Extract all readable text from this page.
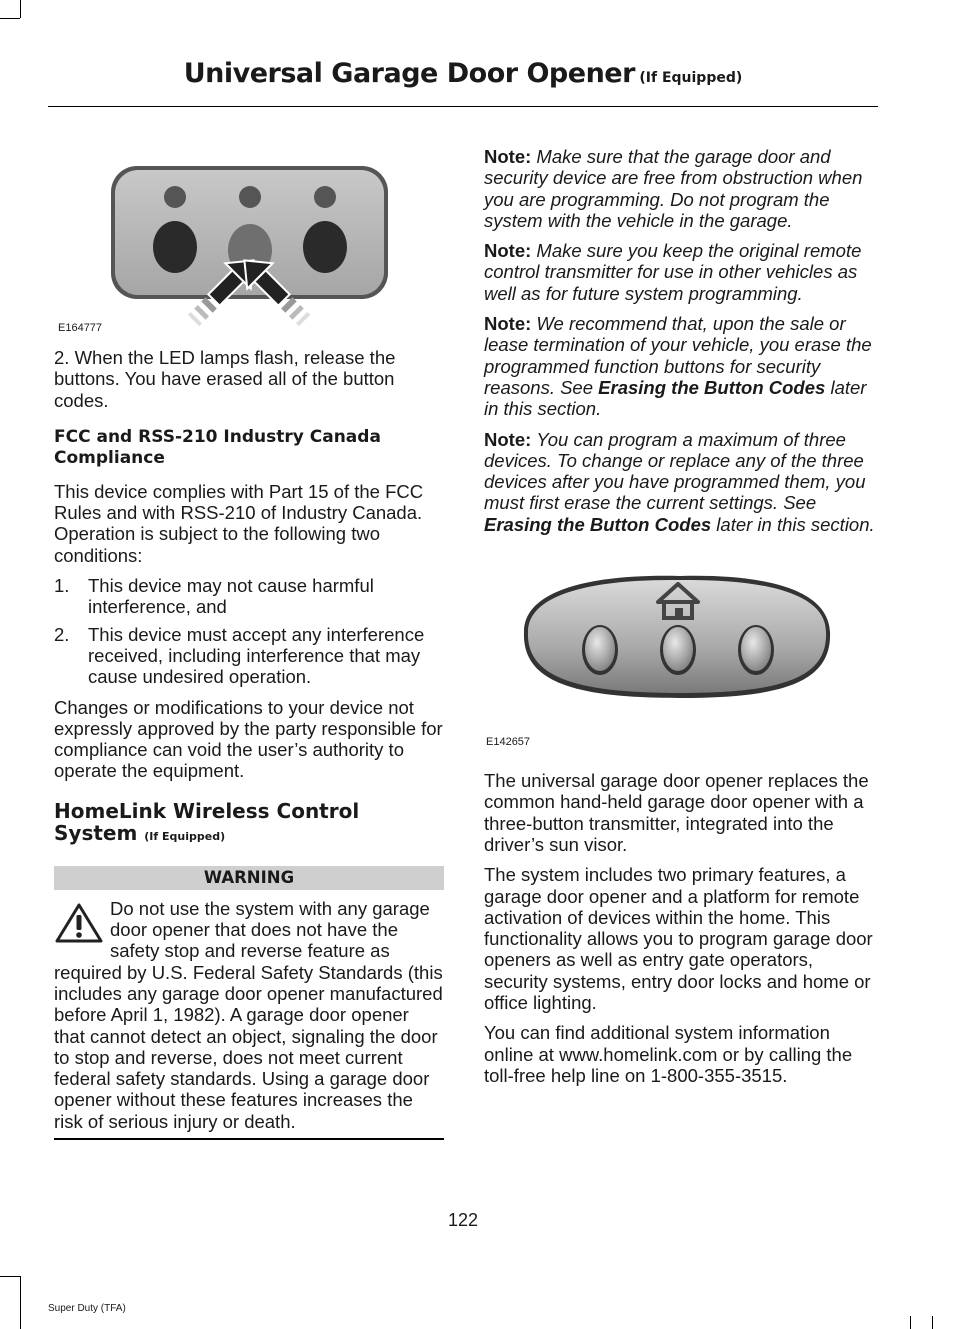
Universal Garage Door Opener (If Equipped)
E164777

2. When the LED lamps flash, release the buttons. You have erased all of the button codes.

FCC and RSS-210 Industry Canada Compliance

This device complies with Part 15 of the FCC Rules and with RSS-210 of Industry Canada. Operation is subject to the following two conditions:

1. This device may not cause harmful interference, and
2. This device must accept any interference received, including interference that may cause undesired operation.

Changes or modifications to your device not expressly approved by the party responsible for compliance can void the user’s authority to operate the equipment.

HomeLink Wireless Control System (If Equipped)
WARNING
Do not use the system with any garage door opener that does not have the safety stop and reverse feature as required by U.S. Federal Safety Standards (this includes any garage door opener manufactured before April 1, 1982). A garage door opener that cannot detect an object, signaling the door to stop and reverse, does not meet current federal safety standards. Using a garage door opener without these features increases the risk of serious injury or death.

Note: Make sure that the garage door and security device are free from obstruction when you are programming. Do not program the system with the vehicle in the garage.

Note: Make sure you keep the original remote control transmitter for use in other vehicles as well as for future system programming.

Note: We recommend that, upon the sale or lease termination of your vehicle, you erase the programmed function buttons for security reasons. See Erasing the Button Codes later in this section.

Note: You can program a maximum of three devices. To change or replace any of the three devices after you have programmed them, you must first erase the current settings. See Erasing the Button Codes later in this section.

E142657

The universal garage door opener replaces the common hand-held garage door opener with a three-button transmitter, integrated into the driver’s sun visor.

The system includes two primary features, a garage door opener and a platform for remote activation of devices within the home. This functionality allows you to program garage door openers as well as entry gate operators, security systems, entry door locks and home or office lighting.

You can find additional system information online at www.homelink.com or by calling the toll-free help line on 1-800-355-3515.

122
Super Duty (TFA)
